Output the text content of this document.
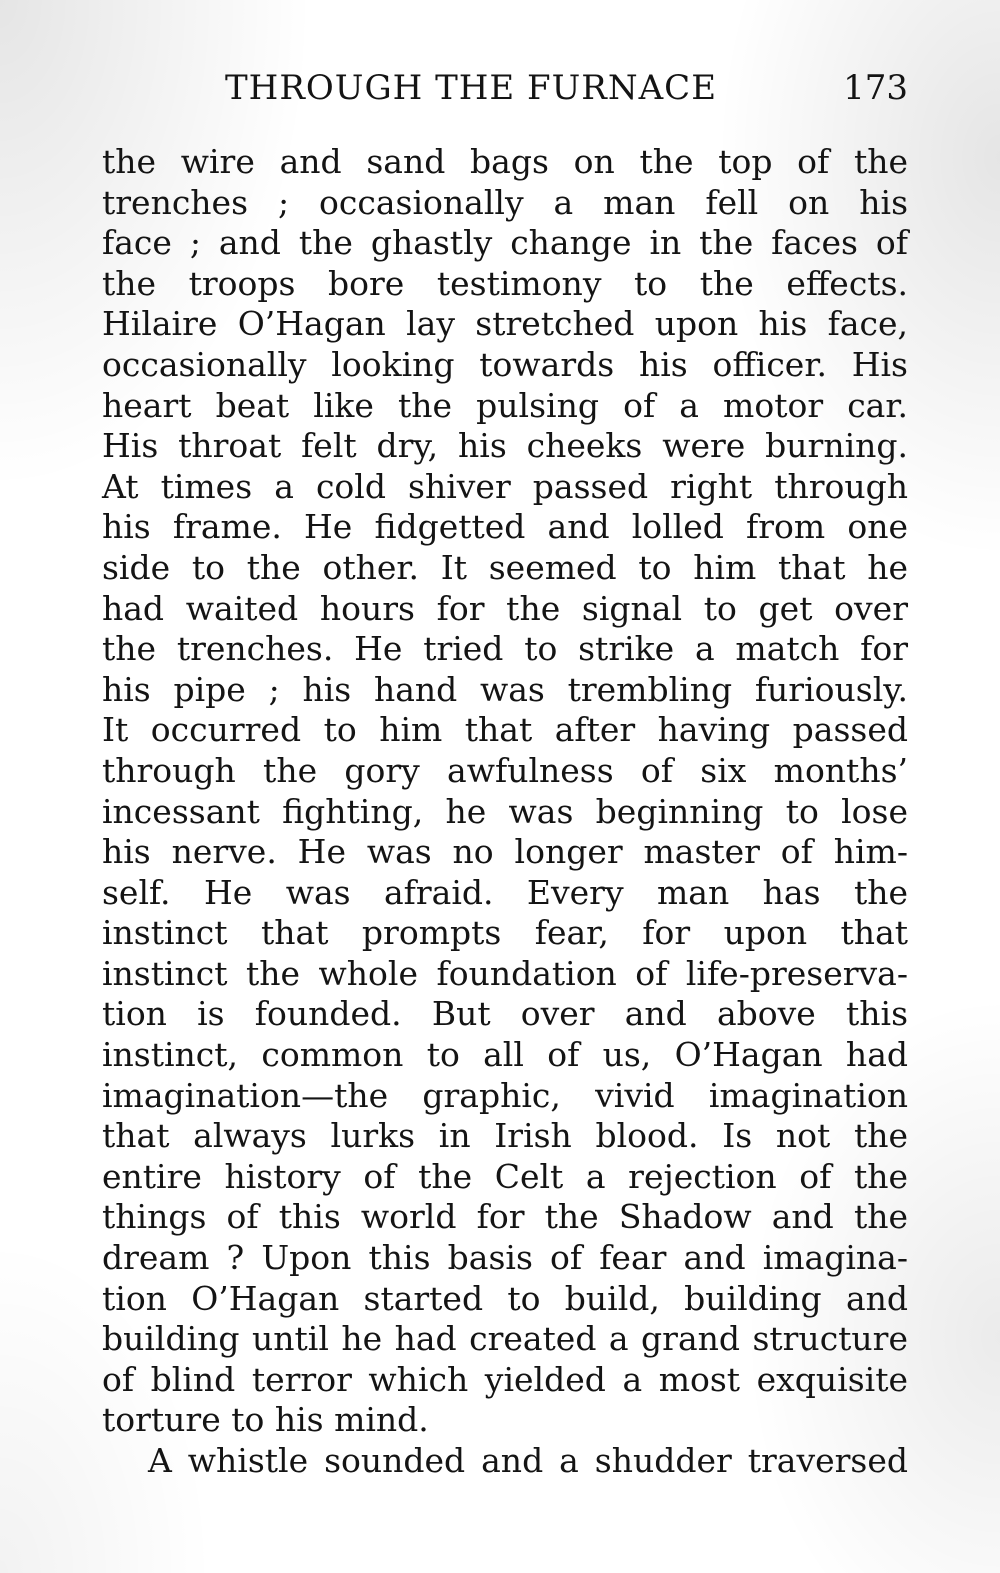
THROUGH THE FURNACE	173
the wire and sand bags on the top of the
trenches ; occasionally a man fell on his
face ; and the ghastly change in the faces of
the troops bore testimony to the effects.
Hilaire O’Hagan lay stretched upon his face,
occasionally looking towards his officer. His
heart beat like the pulsing of a motor car.
His throat felt dry, his cheeks were burning.
At times a cold shiver passed right through
his frame. He fidgetted and lolled from one
side to the other. It seemed to him that he
had waited hours for the signal to get over
the trenches. He tried to strike a match for
his pipe ; his hand was trembling furiously.
It occurred to him that after having passed
through the gory awfulness of six months’
incessant fighting, he was beginning to lose
his nerve. He was no longer master of him-
self. He was afraid. Every man has the
instinct that prompts fear, for upon that
instinct the whole foundation of life-preserva-
tion is founded. But over and above this
instinct, common to all of us, O’Hagan had
imagination—the graphic, vivid imagination
that always lurks in Irish blood. Is not the
entire history of the Celt a rejection of the
things of this world for the Shadow and the
dream ? Upon this basis of fear and imagina-
tion O’Hagan started to build, building and
building until he had created a grand structure
of blind terror which yielded a most exquisite
torture to his mind.
A whistle sounded and a shudder traversed
